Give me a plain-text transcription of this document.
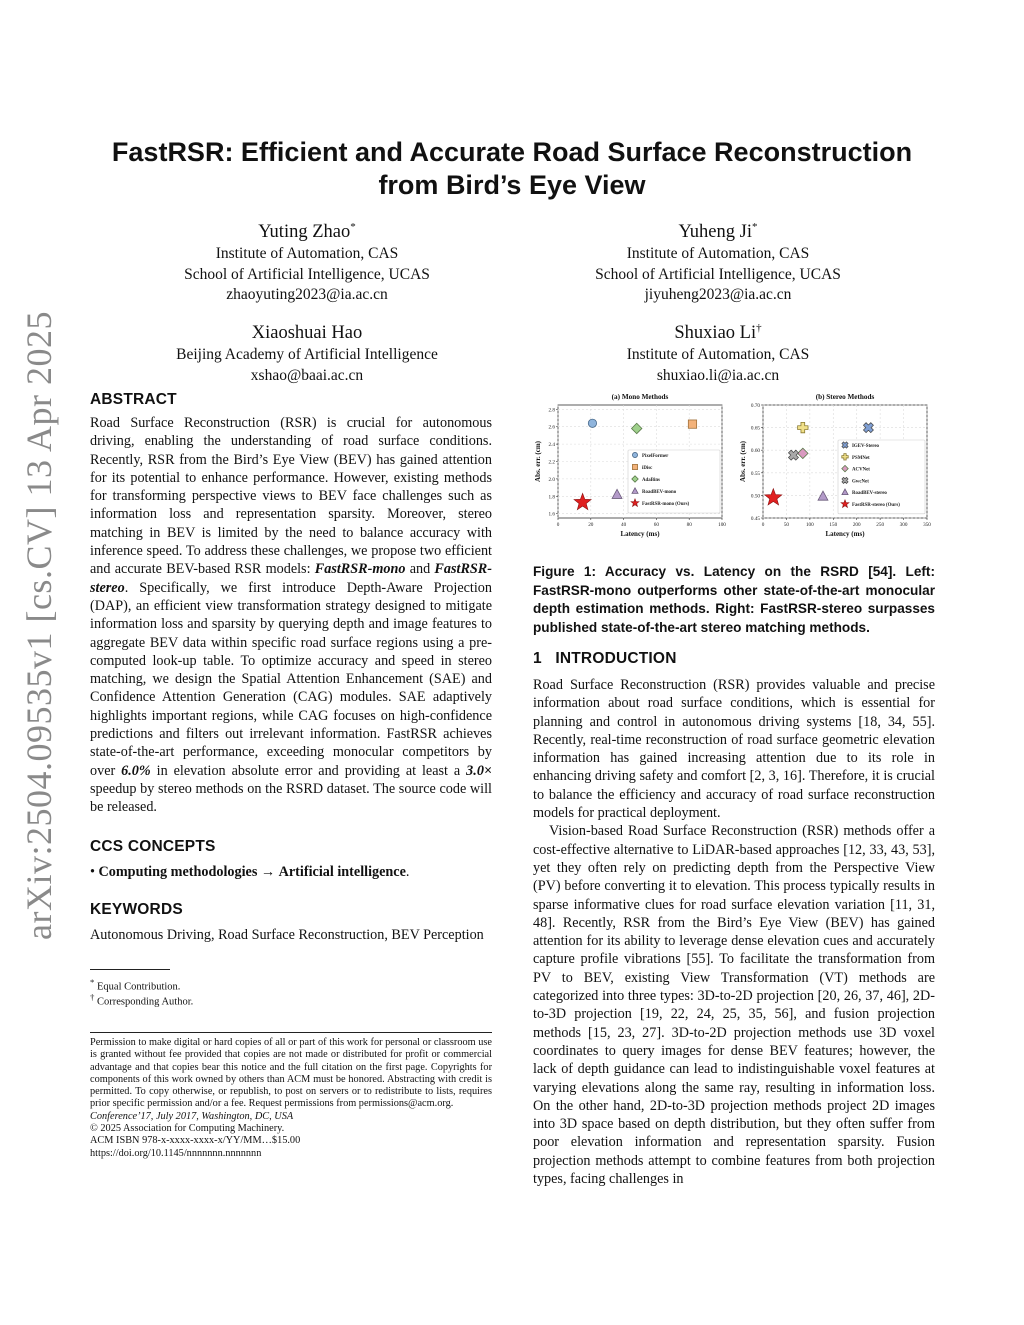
arXiv:2504.09535v1 [cs.CV] 13 Apr 2025
FastRSR: Efficient and Accurate Road Surface Reconstruction
from Bird’s Eye View
Yuting Zhao*
Institute of Automation, CAS
School of Artificial Intelligence, UCAS
zhaoyuting2023@ia.ac.cn
Yuheng Ji*
Institute of Automation, CAS
School of Artificial Intelligence, UCAS
jiyuheng2023@ia.ac.cn
Xiaoshuai Hao
Beijing Academy of Artificial Intelligence
xshao@baai.ac.cn
Shuxiao Li†
Institute of Automation, CAS
shuxiao.li@ia.ac.cn
ABSTRACT

Road Surface Reconstruction (RSR) is crucial for autonomous driving, enabling the understanding of road surface conditions. Recently, RSR from the Bird’s Eye View (BEV) has gained attention for its potential to enhance performance. However, existing methods for transforming perspective views to BEV face challenges such as information loss and representation sparsity. Moreover, stereo matching in BEV is limited by the need to balance accuracy with inference speed. To address these challenges, we propose two efficient and accurate BEV-based RSR models: FastRSR-mono and FastRSR-stereo. Specifically, we first introduce Depth-Aware Projection (DAP), an efficient view transformation strategy designed to mitigate information loss and sparsity by querying depth and image features to aggregate BEV data within specific road surface regions using a pre-computed look-up table. To optimize accuracy and speed in stereo matching, we design the Spatial Attention Enhancement (SAE) and Confidence Attention Generation (CAG) modules. SAE adaptively highlights important regions, while CAG focuses on high-confidence predictions and filters out irrelevant information. FastRSR achieves state-of-the-art performance, exceeding monocular competitors by over 6.0% in elevation absolute error and providing at least a 3.0× speedup by stereo methods on the RSRD dataset. The source code will be released.

CCS CONCEPTS
• Computing methodologies → Artificial intelligence.
KEYWORDS
Autonomous Driving, Road Surface Reconstruction, BEV Perception
* Equal Contribution.
† Corresponding Author.

Permission to make digital or hard copies of all or part of this work for personal or classroom use is granted without fee provided that copies are not made or distributed for profit or commercial advantage and that copies bear this notice and the full citation on the first page. Copyrights for components of this work owned by others than ACM must be honored. Abstracting with credit is permitted. To copy otherwise, or republish, to post on servers or to redistribute to lists, requires prior specific permission and/or a fee. Request permissions from permissions@acm.org.

Conference’17, July 2017, Washington, DC, USA

© 2025 Association for Computing Machinery.

ACM ISBN 978-x-xxxx-xxxx-x/YY/MM…$15.00

https://doi.org/10.1145/nnnnnnn.nnnnnnn

1.6
1.8
2.0
2.2
2.4
2.6
2.8
0	20	40	60	80	100
(a) Mono Methods
Latency (ms)
Abs. err. (cm)	PixelFormer
iDisc
AdaBins
RoadBEV-mono
FastRSR-mono (Ours)
0.45
0.50
0.55
0.60
0.65
0.70
0	50	100	150	200	250	300	350
(b) Stereo Methods
Latency (ms)
Abs. err. (cm)	IGEV-Stereo
PSMNet
ACVNet
GwcNet
RoadBEV-stereo
FastRSR-stereo (Ours)
Figure 1: Accuracy vs. Latency on the RSRD [54]. Left: FastRSR-mono outperforms other state-of-the-art monocular depth estimation methods. Right: FastRSR-stereo surpasses published state-of-the-art stereo matching methods.
1 INTRODUCTION

Road Surface Reconstruction (RSR) provides valuable and precise information about road surface conditions, which is essential for planning and control in autonomous driving systems [18, 34, 55]. Recently, real-time reconstruction of road surface geometric elevation information has gained increasing attention due to its role in enhancing driving safety and comfort [2, 3, 16]. Therefore, it is crucial to balance the efficiency and accuracy of road surface reconstruction models for practical deployment.

Vision-based Road Surface Reconstruction (RSR) methods offer a cost-effective alternative to LiDAR-based approaches [12, 33, 43, 53], yet they often rely on predicting depth from the Perspective View (PV) before converting it to elevation. This process typically results in sparse informative clues for road surface elevation variation [11, 31, 48]. Recently, RSR from the Bird’s Eye View (BEV) has gained attention for its ability to leverage dense elevation cues and accurately capture profile vibrations [55]. To facilitate the transformation from PV to BEV, existing View Transformation (VT) methods are categorized into three types: 3D-to-2D projection [20, 26, 37, 46], 2D-to-3D projection [19, 22, 24, 25, 35, 56], and fusion projection methods [15, 23, 27]. 3D-to-2D projection methods use 3D voxel coordinates to query images for dense BEV features; however, the lack of depth guidance can lead to indistinguishable voxel features at varying elevations along the same ray, resulting in information loss. On the other hand, 2D-to-3D projection methods project 2D images into 3D space based on depth distribution, but they often suffer from poor elevation information and representation sparsity. Fusion projection methods attempt to combine features from both projection types, facing challenges in
